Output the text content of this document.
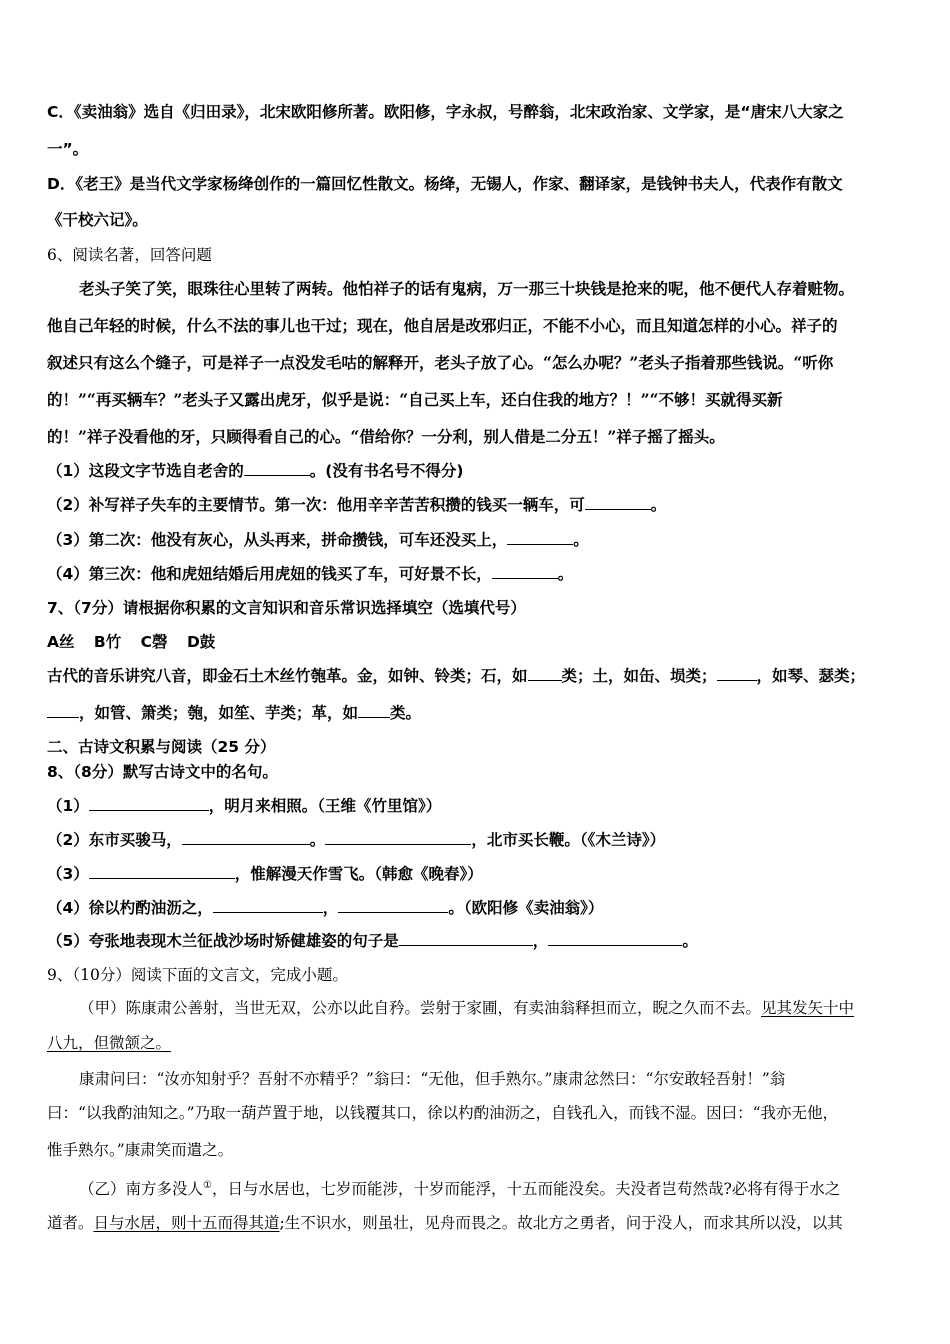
C．《卖油翁》选自《归田录》，北宋欧阳修所著。欧阳修，字永叔，号醉翁，北宋政治家、文学家，是“唐宋八大家之
一”。
D．《老王》是当代文学家杨绛创作的一篇回忆性散文。杨绛，无锡人，作家、翻译家，是钱钟书夫人，代表作有散文
《干校六记》。
6、阅读名著，回答问题
老头子笑了笑，眼珠往心里转了两转。他怕祥子的话有鬼病，万一那三十块钱是抢来的呢，他不便代人存着赃物。
他自己年轻的时候，什么不法的事儿也干过；现在，他自居是改邪归正，不能不小心，而且知道怎样的小心。祥子的
叙述只有这么个缝子，可是祥子一点没发毛咕的解释开，老头子放了心。“怎么办呢？”老头子指着那些钱说。“听你
的！”“再买辆车？”老头子又露出虎牙，似乎是说：“自己买上车，还白住我的地方？！”“不够！买就得买新
的！”祥子没看他的牙，只顾得看自己的心。“借给你？一分利，别人借是二分五！”祥子摇了摇头。
（1）这段文字节选自老舍的	。(没有书名号不得分)
（2）补写祥子失车的主要情节。第一次：他用辛辛苦苦积攒的钱买一辆车，可	。
（3）第二次：他没有灰心，从头再来，拼命攒钱，可车还没买上，	。
（4）第三次：他和虎妞结婚后用虎妞的钱买了车，可好景不长，	。
7、（7分）请根据你积累的文言知识和音乐常识选择填空（选填代号）
A丝 B竹 C磬 D鼓
古代的音乐讲究八音，即金石土木丝竹匏革。金，如钟、铃类；石，如 类；土，如缶、埙类；	，如琴、瑟类；
，如管、箫类；匏，如笙、芋类；革，如 类。
二、古诗文积累与阅读（25 分）
8、（8分）默写古诗文中的名句。
（1）	，明月来相照。（王维《竹里馆》）
（2）东市买骏马，	。	，北市买长鞭。（《木兰诗》）
（3）	，惟解漫天作雪飞。（韩愈《晚春》）
（4）徐以杓酌油沥之，	，	。（欧阳修《卖油翁》）
（5）夸张地表现木兰征战沙场时矫健雄姿的句子是	，	。
9、（10分）阅读下面的文言文，完成小题。
（甲）陈康肃公善射，当世无双，公亦以此自矜。尝射于家圃，有卖油翁释担而立，睨之久而不去。见其发矢十中
八九，但微颔之。
康肃问曰：“汝亦知射乎？吾射不亦精乎？”翁曰：“无他，但手熟尔。”康肃忿然曰：“尔安敢轻吾射！”翁
曰：“以我酌油知之。”乃取一葫芦置于地，以钱覆其口，徐以杓酌油沥之，自钱孔入，而钱不湿。因曰：“我亦无他，
惟手熟尔。”康肃笑而遣之。
（乙）南方多没人①，日与水居也，七岁而能涉，十岁而能浮，十五而能没矣。夫没者岂苟然哉?必将有得于水之
道者。日与水居，则十五而得其道;生不识水，则虽壮，见舟而畏之。故北方之勇者，问于没人，而求其所以没，以其
